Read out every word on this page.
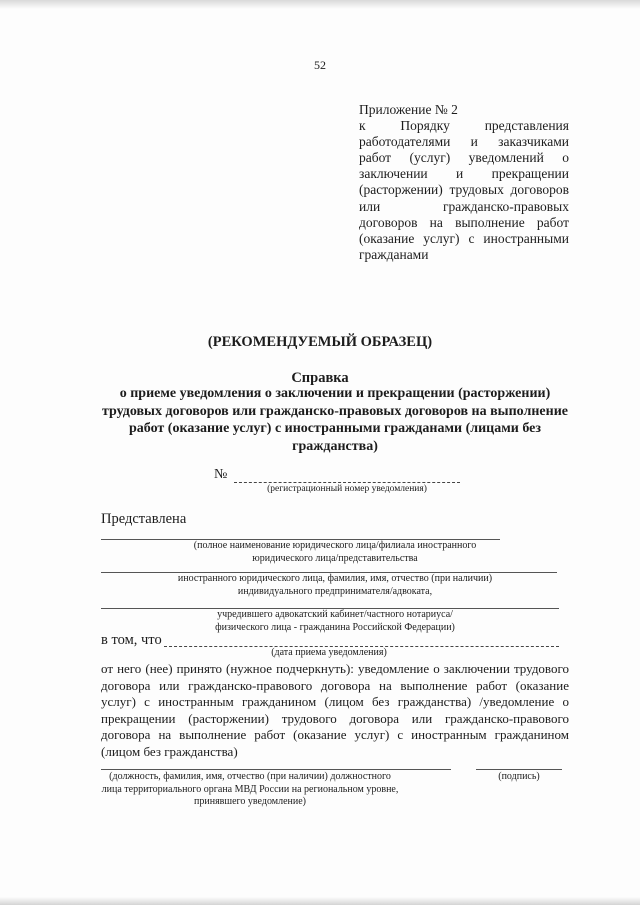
52
Приложение № 2
к Порядку представления работодателями и заказчиками работ (услуг) уведомлений о заключении и прекращении (расторжении) трудовых договоров или гражданско-правовых договоров на выполнение работ (оказание услуг) с иностранными гражданами
(РЕКОМЕНДУЕМЫЙ ОБРАЗЕЦ)
Справка
о приеме уведомления о заключении и прекращении (расторжении) трудовых договоров или гражданско-правовых договоров на выполнение работ (оказание услуг) с иностранными гражданами (лицами без гражданства)
№
(регистрационный номер уведомления)
Представлена
(полное наименование юридического лица/филиала иностранного юридического лица/представительства
иностранного юридического лица, фамилия, имя, отчество (при наличии) индивидуального предпринимателя/адвоката,
учредившего адвокатский кабинет/частного нотариуса/физического лица - гражданина Российской Федерации)
в том, что
(дата приема уведомления)
от него (нее) принято (нужное подчеркнуть): уведомление о заключении трудового договора или гражданско-правового договора на выполнение работ (оказание услуг) с иностранным гражданином (лицом без гражданства) /уведомление о прекращении (расторжении) трудового договора или гражданско-правового договора на выполнение работ (оказание услуг) с иностранным гражданином (лицом без гражданства)
(должность, фамилия, имя, отчество (при наличии) должностного лица территориального органа МВД России на региональном уровне, принявшего уведомление)
(подпись)
